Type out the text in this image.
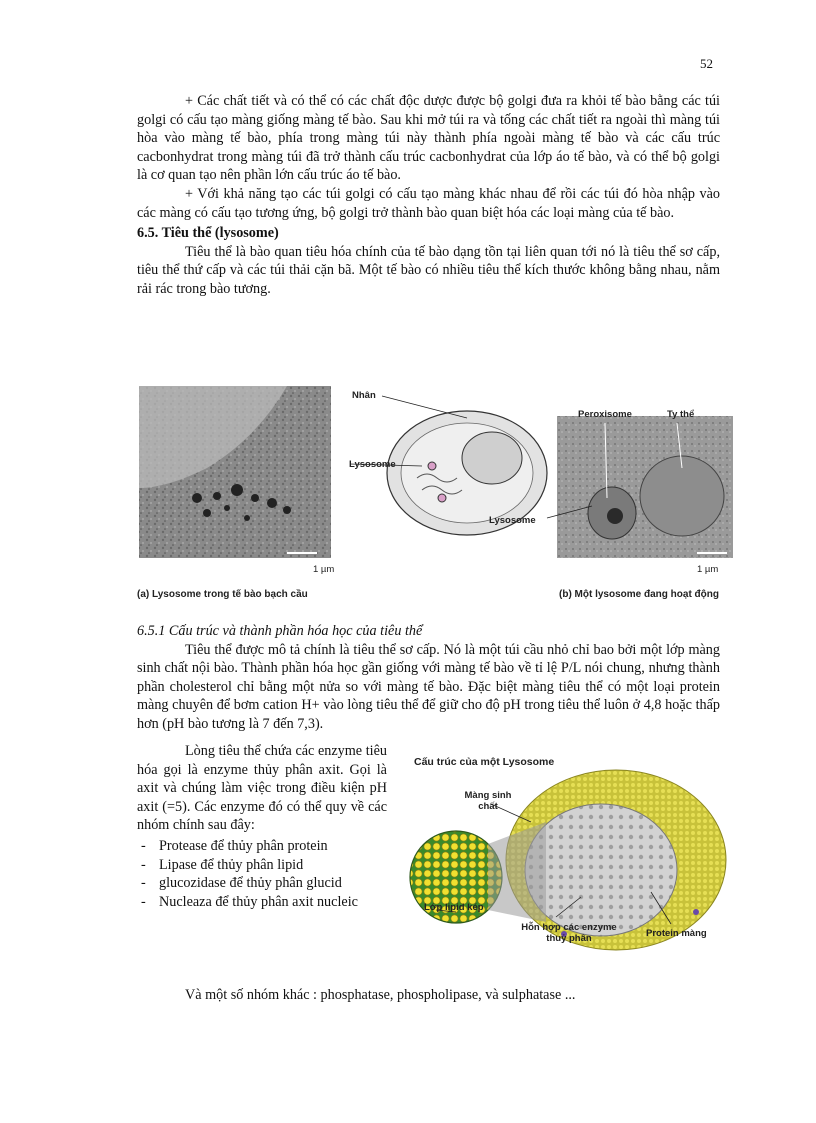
52

+ Các chất tiết và có thể có các chất độc dược được bộ golgi đưa ra khỏi tế bào bằng các túi golgi có cấu tạo màng giống màng tế bào. Sau khi mở túi ra và tống các chất tiết ra ngoài thì màng túi hòa vào màng tế bào, phía trong màng túi này thành phía ngoài màng tế bào và các cấu trúc cacbonhydrat trong màng túi đã trở thành cấu trúc cacbonhydrat của lớp áo tế bào, và có thể bộ golgi là cơ quan tạo nên phần lớn cấu trúc áo tế bào.

+ Với khả năng tạo các túi golgi có cấu tạo màng khác nhau để rồi các túi đó hòa nhập vào các màng có cấu tạo tương ứng, bộ golgi trở thành bào quan biệt hóa các loại màng của tế bào.

6.5. Tiêu thể (lysosome)

Tiêu thể là bào quan tiêu hóa chính của tế bào dạng tồn tại liên quan tới nó là tiêu thể sơ cấp, tiêu thể thứ cấp và các túi thải cặn bã. Một tế bào có nhiều tiêu thể kích thước không bằng nhau, nằm rải rác trong bào tương.

Nhân
Lysosome
Peroxisome	Ty thể
Lysosome
1 µm	1 µm
(a) Lysosome trong tế bào bạch cầu	(b) Một lysosome đang hoạt động

6.5.1 Cấu trúc và thành phần hóa học của tiêu thể

Tiêu thể được mô tả chính là tiêu thể sơ cấp. Nó là một túi cầu nhỏ chỉ bao bởi một lớp màng sinh chất nội bào. Thành phần hóa học gần giống với màng tế bào về tỉ lệ P/L nói chung, nhưng thành phần cholesterol chỉ bằng một nửa so với màng tế bào. Đặc biệt màng tiêu thể có một loại protein màng chuyên để bơm cation H+ vào lòng tiêu thể để giữ cho độ pH trong tiêu thể luôn ở 4,8 hoặc thấp hơn (pH bào tương là 7 đến 7,3).

Lòng tiêu thể chứa các enzyme tiêu hóa gọi là enzyme thủy phân axit. Gọi là axit và chúng làm việc trong điều kiện pH axit (=5). Các enzyme đó có thể quy về các nhóm chính sau đây:

- Protease để thủy phân protein
- Lipase để thủy phân lipid
- glucozidase để thủy phân glucid
- Nucleaza để thủy phân axit nucleic
Và một số nhóm khác : phosphatase, phospholipase, và sulphatase ...
Cấu trúc của một Lysosome
Màng sinh chất
Lớp lipid kép
Hỗn hợp các enzyme thuỷ phân	Protein màng
